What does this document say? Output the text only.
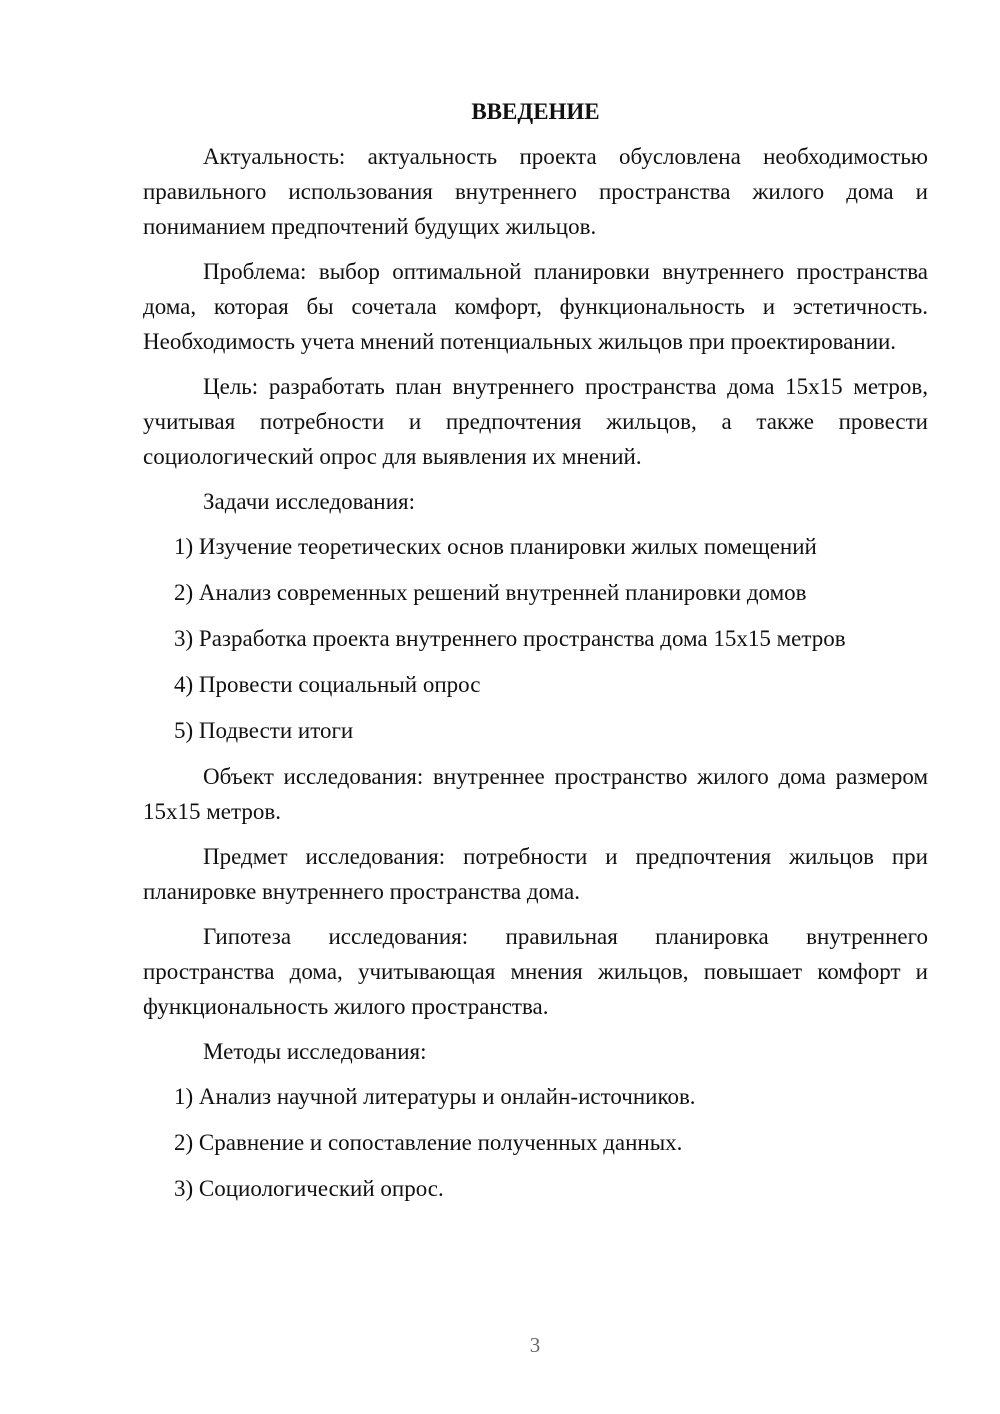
ВВЕДЕНИЕ

Актуальность: актуальность проекта обусловлена необходимостью правильного использования внутреннего пространства жилого дома и пониманием предпочтений будущих жильцов.

Проблема: выбор оптимальной планировки внутреннего пространства дома, которая бы сочетала комфорт, функциональность и эстетичность. Необходимость учета мнений потенциальных жильцов при проектировании.

Цель: разработать план внутреннего пространства дома 15х15 метров, учитывая потребности и предпочтения жильцов, а также провести социологический опрос для выявления их мнений.

Задачи исследования:

1) Изучение теоретических основ планировки жилых помещений

2) Анализ современных решений внутренней планировки домов

3) Разработка проекта внутреннего пространства дома 15х15 метров

4) Провести социальный опрос

5) Подвести итоги

Объект исследования: внутреннее пространство жилого дома размером 15х15 метров.

Предмет исследования: потребности и предпочтения жильцов при планировке внутреннего пространства дома.

Гипотеза исследования: правильная планировка внутреннего пространства дома, учитывающая мнения жильцов, повышает комфорт и функциональность жилого пространства.

Методы исследования:

1) Анализ научной литературы и онлайн-источников.

2) Сравнение и сопоставление полученных данных.

3) Социологический опрос.

3
